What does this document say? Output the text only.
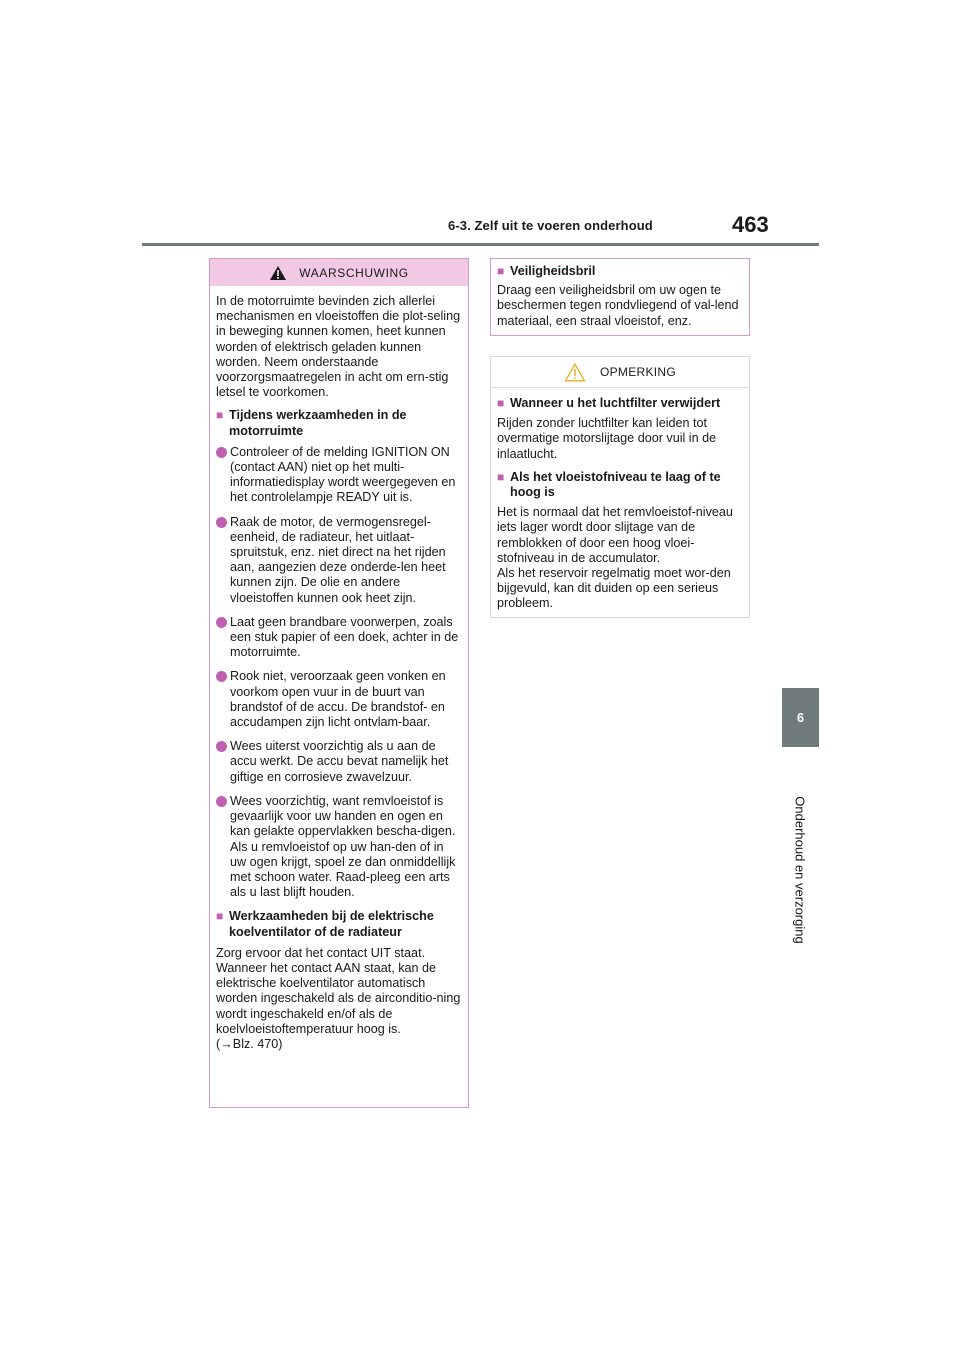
6-3. Zelf uit te voeren onderhoud	463
6
Onderhoud en verzorging
WAARSCHUWING

In de motorruimte bevinden zich allerlei mechanismen en vloeistoffen die plot-seling in beweging kunnen komen, heet kunnen worden of elektrisch geladen kunnen worden. Neem onderstaande voorzorgsmaatregelen in acht om ern-stig letsel te voorkomen.

■ Tijdens werkzaamheden in de motorruimte
Controleer of de melding IGNITION ON (contact AAN) niet op het multi-informatiedisplay wordt weergegeven en het controlelampje READY uit is.
Raak de motor, de vermogensregel-eenheid, de radiateur, het uitlaat-spruitstuk, enz. niet direct na het rijden aan, aangezien deze onderde-len heet kunnen zijn. De olie en andere vloeistoffen kunnen ook heet zijn.
Laat geen brandbare voorwerpen, zoals een stuk papier of een doek, achter in de motorruimte.
Rook niet, veroorzaak geen vonken en voorkom open vuur in de buurt van brandstof of de accu. De brandstof- en accudampen zijn licht ontvlam-baar.
Wees uiterst voorzichtig als u aan de accu werkt. De accu bevat namelijk het giftige en corrosieve zwavelzuur.
Wees voorzichtig, want remvloeistof is gevaarlijk voor uw handen en ogen en kan gelakte oppervlakken bescha-digen. Als u remvloeistof op uw han-den of in uw ogen krijgt, spoel ze dan onmiddellijk met schoon water. Raad-pleeg een arts als u last blijft houden.
■ Werkzaamheden bij de elektrische koelventilator of de radiateur
Zorg ervoor dat het contact UIT staat. Wanneer het contact AAN staat, kan de elektrische koelventilator automatisch worden ingeschakeld als de airconditio-ning wordt ingeschakeld en/of als de koelvloeistoftemperatuur hoog is.
(→Blz. 470)
■ Veiligheidsbril
Draag een veiligheidsbril om uw ogen te beschermen tegen rondvliegend of val-lend materiaal, een straal vloeistof, enz.
OPMERKING
■ Wanneer u het luchtfilter verwijdert

Rijden zonder luchtfilter kan leiden tot overmatige motorslijtage door vuil in de inlaatlucht.

■ Als het vloeistofniveau te laag of te hoog is
Het is normaal dat het remvloeistof-niveau iets lager wordt door slijtage van de remblokken of door een hoog vloei-stofniveau in de accumulator.
Als het reservoir regelmatig moet wor-den bijgevuld, kan dit duiden op een serieus probleem.
